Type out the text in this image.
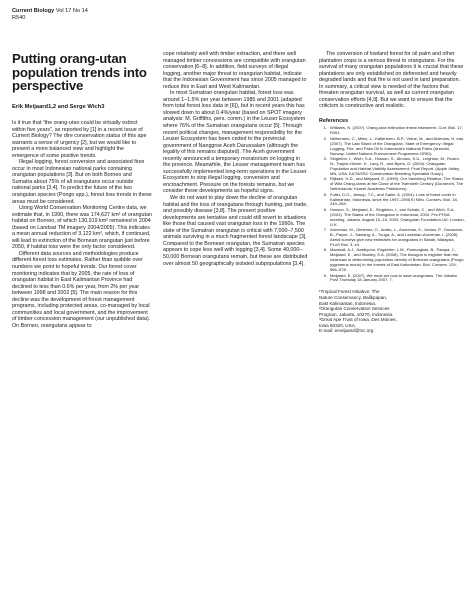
Current Biology Vol 17 No 14
R540
Putting orang-utan population trends into perspective
Erik Meijaard1,2 and Serge Wich3

Is it true that “the orang-utan could be virtually extinct within five years”, as reported by [1] in a recent issue of Current Biology? The dire conservation status of this ape warrants a sense of urgency [2], but we would like to present a more balanced view and highlight the emergence of some positive trends.

Illegal logging, forest conversion and associated fires occur in most Indonesian national parks containing orangutan populations [3]. But on both Borneo and Sumatra about 75% of all orangutans occur outside national parks [3,4]. To predict the future of the two orangutan species (Pongo spp.), forest loss trends in these areas must be considered.

Using World Conservation Monitoring Centre data, we estimate that, in 1990, there was 174,627 km² of orangutan habitat on Borneo, of which 130,919 km² remained in 2004 (based on Landsat TM imagery 2004/2005). This indicates a mean annual reduction of 3,122 km², which, if continued, will lead to extinction of the Bornean orangutan just before 2050, if habitat loss were the only factor considered.

Different data sources and methodologies produce different forest loss estimates. Rather than quibble over numbers we point to hopeful trends. Our forest cover monitoring indicates that by 2005, the rate of loss of orangutan habitat in East Kalimantan Province had declined to less than 0.6% per year, from 2% per year between 1998 and 2002 [5]. The main reason for this decline was the development of forest management programs, including protected areas, co-managed by local communities and local government, and the improvement of timber concession management (our unpublished data). On Borneo, orangutans appear to

cope relatively well with timber extraction, and there well managed timber concessions are compatible with orangutan conservation [6–8]. In addition, field surveys of illegal logging, another major threat to orangutan habitat, indicate that the Indonesian Government has since 2005 managed to reduce this in East and West Kalimantan.

In most Sumatran orangutan habitat, forest loss was around 1–1.5% per year between 1985 and 2001 (adapted from total forest loss data in [6]), but in recent years this has slowed down to about 0.4%/year (based on SPOT imagery analysis: M. Griffiths, pers. comm.) in the Leuser Ecosystem where 76% of the Sumatran orangutans occur [5]. Through recent political changes, management responsibility for the Leuser Ecosystem has been ceded to the provincial government of Nanggroe Aceh Darussalam (although the legality of this remains disputed). The Aceh government recently announced a temporary moratorium on logging in the province. Meanwhile, the Leuser management team has successfully implemented long-term operations in the Leuser Ecosystem to stop illegal logging, conversion and encroachment. Pressure on the forests remains, but we consider these developments as hopeful signs.

We do not want to play down the decline of orangutan habitat and the loss of orangutans through hunting, pet trade, and possibly disease [3,8]. The present positive developments are tentative and could still revert to situations like those that caused vast orangutan loss in the 1990s. The state of the Sumatran orangutan is critical with 7,000–7,500 animals surviving in a much fragmented forest landscape [3]. Compared to the Bornean orangutan, the Sumatran species appears to cope less well with logging [3,4]. Some 40,000–50,000 Bornean orangutans remain, but these are distributed over almost 50 geographically isolated subpopulations [3,4].

The conversion of lowland forest for oil palm and other plantation crops is a serious threat to orangutans. For the survival of many orangutan populations it is crucial that these plantations are only established on deforested and heavily degraded lands and that fire is not used in land preparation. In summary, a critical view is needed of the factors that threaten orangutan survival, as well as current orangutan conservation efforts [4,9]. But we want to ensure that the criticism is constructive and realistic.

References
1. Williams, N. (2007). Orang-utan extinction threat elsewhere. Curr. Biol. 17, R261.
2. Nellemann, C., Miles, L., Kaltenborn, B.P., Virtue, M., and Ahlenius, H. eds. (2007). The Last Stand of the Orangutan. State of Emergency: Illegal Logging, Fire, and Palm Oil in Indonesia's National Parks (Arendal, Norway: United Nations Environment Programme-GRID).
3. Singleton, I., Wich, S.A., Husson, S., Atmoko, S.U., Leighton, M., Rosen, N., Traylor-Holzer, K., Lacy, R., and Byers, O. (2004). Orangutan Population and Habitat Viability Assessment: Final Report. (Apple Valley, MN, USA: IUCN/SSC Conservation Breeding Specialist Group).
4. Rijksen, H.D., and Meijaard, E. (1999). Our Vanishing Relative. The Status of Wild Orang-utans at the Close of the Twentieth Century (Dordrecht, The Netherlands: Kluwer Academic Publishers).
5. Fuller, D.O., Jessup, T.C., and Salim, A. (2004). Loss of forest cover in Kalimantan, Indonesia, since the 1997–1998 El Niño. Conserv. Biol. 18, 249–254.
6. Husson, S., Meijaard, E., Singleton, I., van Schaik, C., and Wich, S.A. (2003). The Status of the Orangutan in Indonesia, 2003. Pre-PHVA meeting, Jakarta, August 10–15, 2003. Orangutan Foundation-UK: London, U.K.
7. Ancrenaz, M., Gimenez, O., Ambu, L., Ancrenaz, K., Andau, P., Goossens, B., Payne, J., Sawang, A., Tuuga, A., and Lackman-Ancrenaz, I. (2005). Aerial surveys give new estimates for orangutans in Sabah, Malaysia. PLoS Biol. 3, e3.
8. Marshall, A.J., Nardiyono, Engström, L.M., Pamungkas, B., Palapa, J., Meijaard, E., and Stanley, S.A. (2006). The blowgun is mightier than the chainsaw in determining population density of Bornean orangutans (Pongo pygmaeus morio) in the forests of East Kalimantan. Biol. Conserv. 129, 566–578.
9. Meijaard, E. (2007). We must act now to save orangutans. The Jakarta Post Thursday 18 January 2007, 7.
¹Tropical Forest Initiative, The
Nature Conservancy, Balikpapan,
East Kalimantan, Indonesia.
²Orangutan Conservation Services
Program, Jakarta, 10270, Indonesia.
³Great Ape Trust of Iowa, Des Moines,
Iowa 50320, USA.
E-mail: emeijaard@tnc.org
